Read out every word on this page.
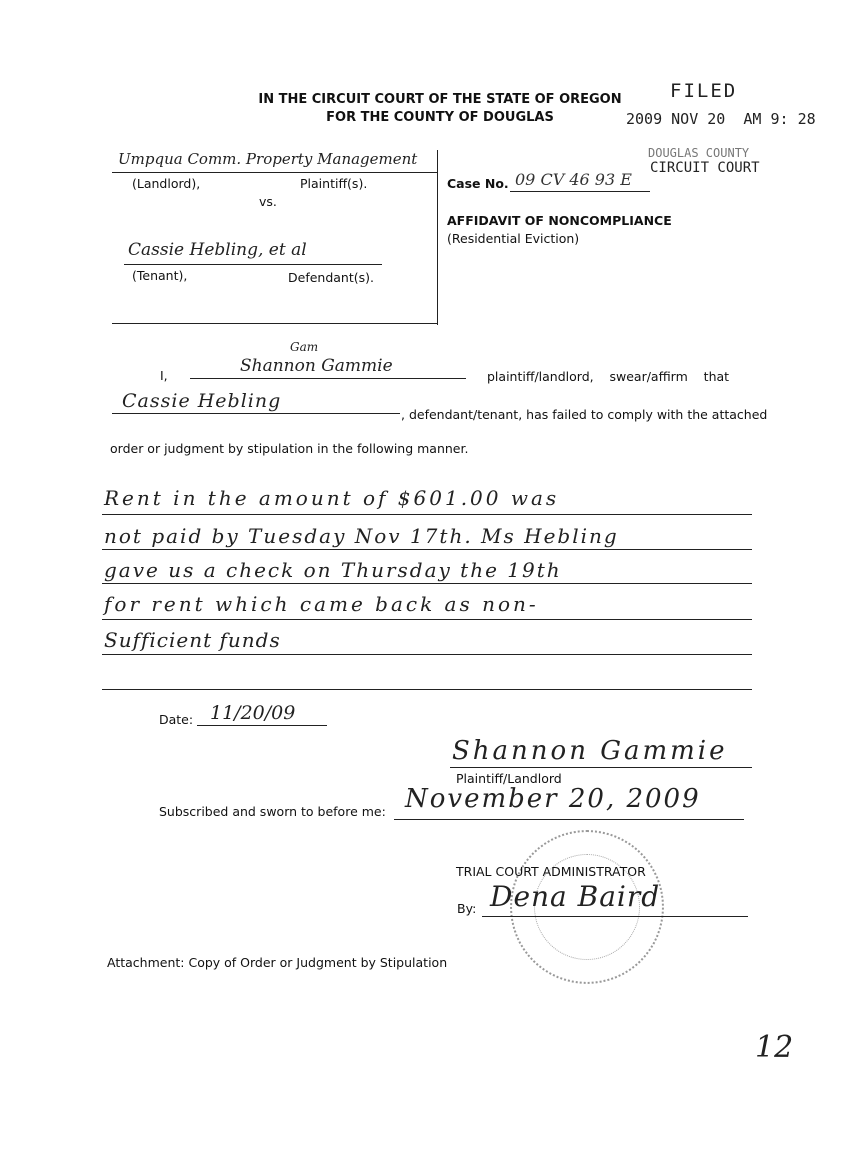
IN THE CIRCUIT COURT OF THE STATE OF OREGON
FOR THE COUNTY OF DOUGLAS
FILED
2009 NOV 20  AM 9: 28
DOUGLAS COUNTY
CIRCUIT COURT
Umpqua Comm. Property Management
(Landlord),	Plaintiff(s).
vs.
Cassie Hebling, et al
(Tenant),	Defendant(s).
Case No. 09 CV 46 93 E
AFFIDAVIT OF NONCOMPLIANCE
(Residential Eviction)
I,
Gam
Shannon Gammie
plaintiff/landlord,    swear/affirm    that
Cassie Hebling
, defendant/tenant, has failed to comply with the attached
order or judgment by stipulation in the following manner.
Rent in the amount of $601.00 was
not paid by Tuesday Nov 17th. Ms Hebling
gave us a check on Thursday the 19th
for rent which came back as non-
Sufficient funds
Date: 11/20/09
Shannon Gammie
Plaintiff/Landlord
Subscribed and sworn to before me: November 20, 2009
TRIAL COURT ADMINISTRATOR
By: Dena Baird
Attachment: Copy of Order or Judgment by Stipulation
12
